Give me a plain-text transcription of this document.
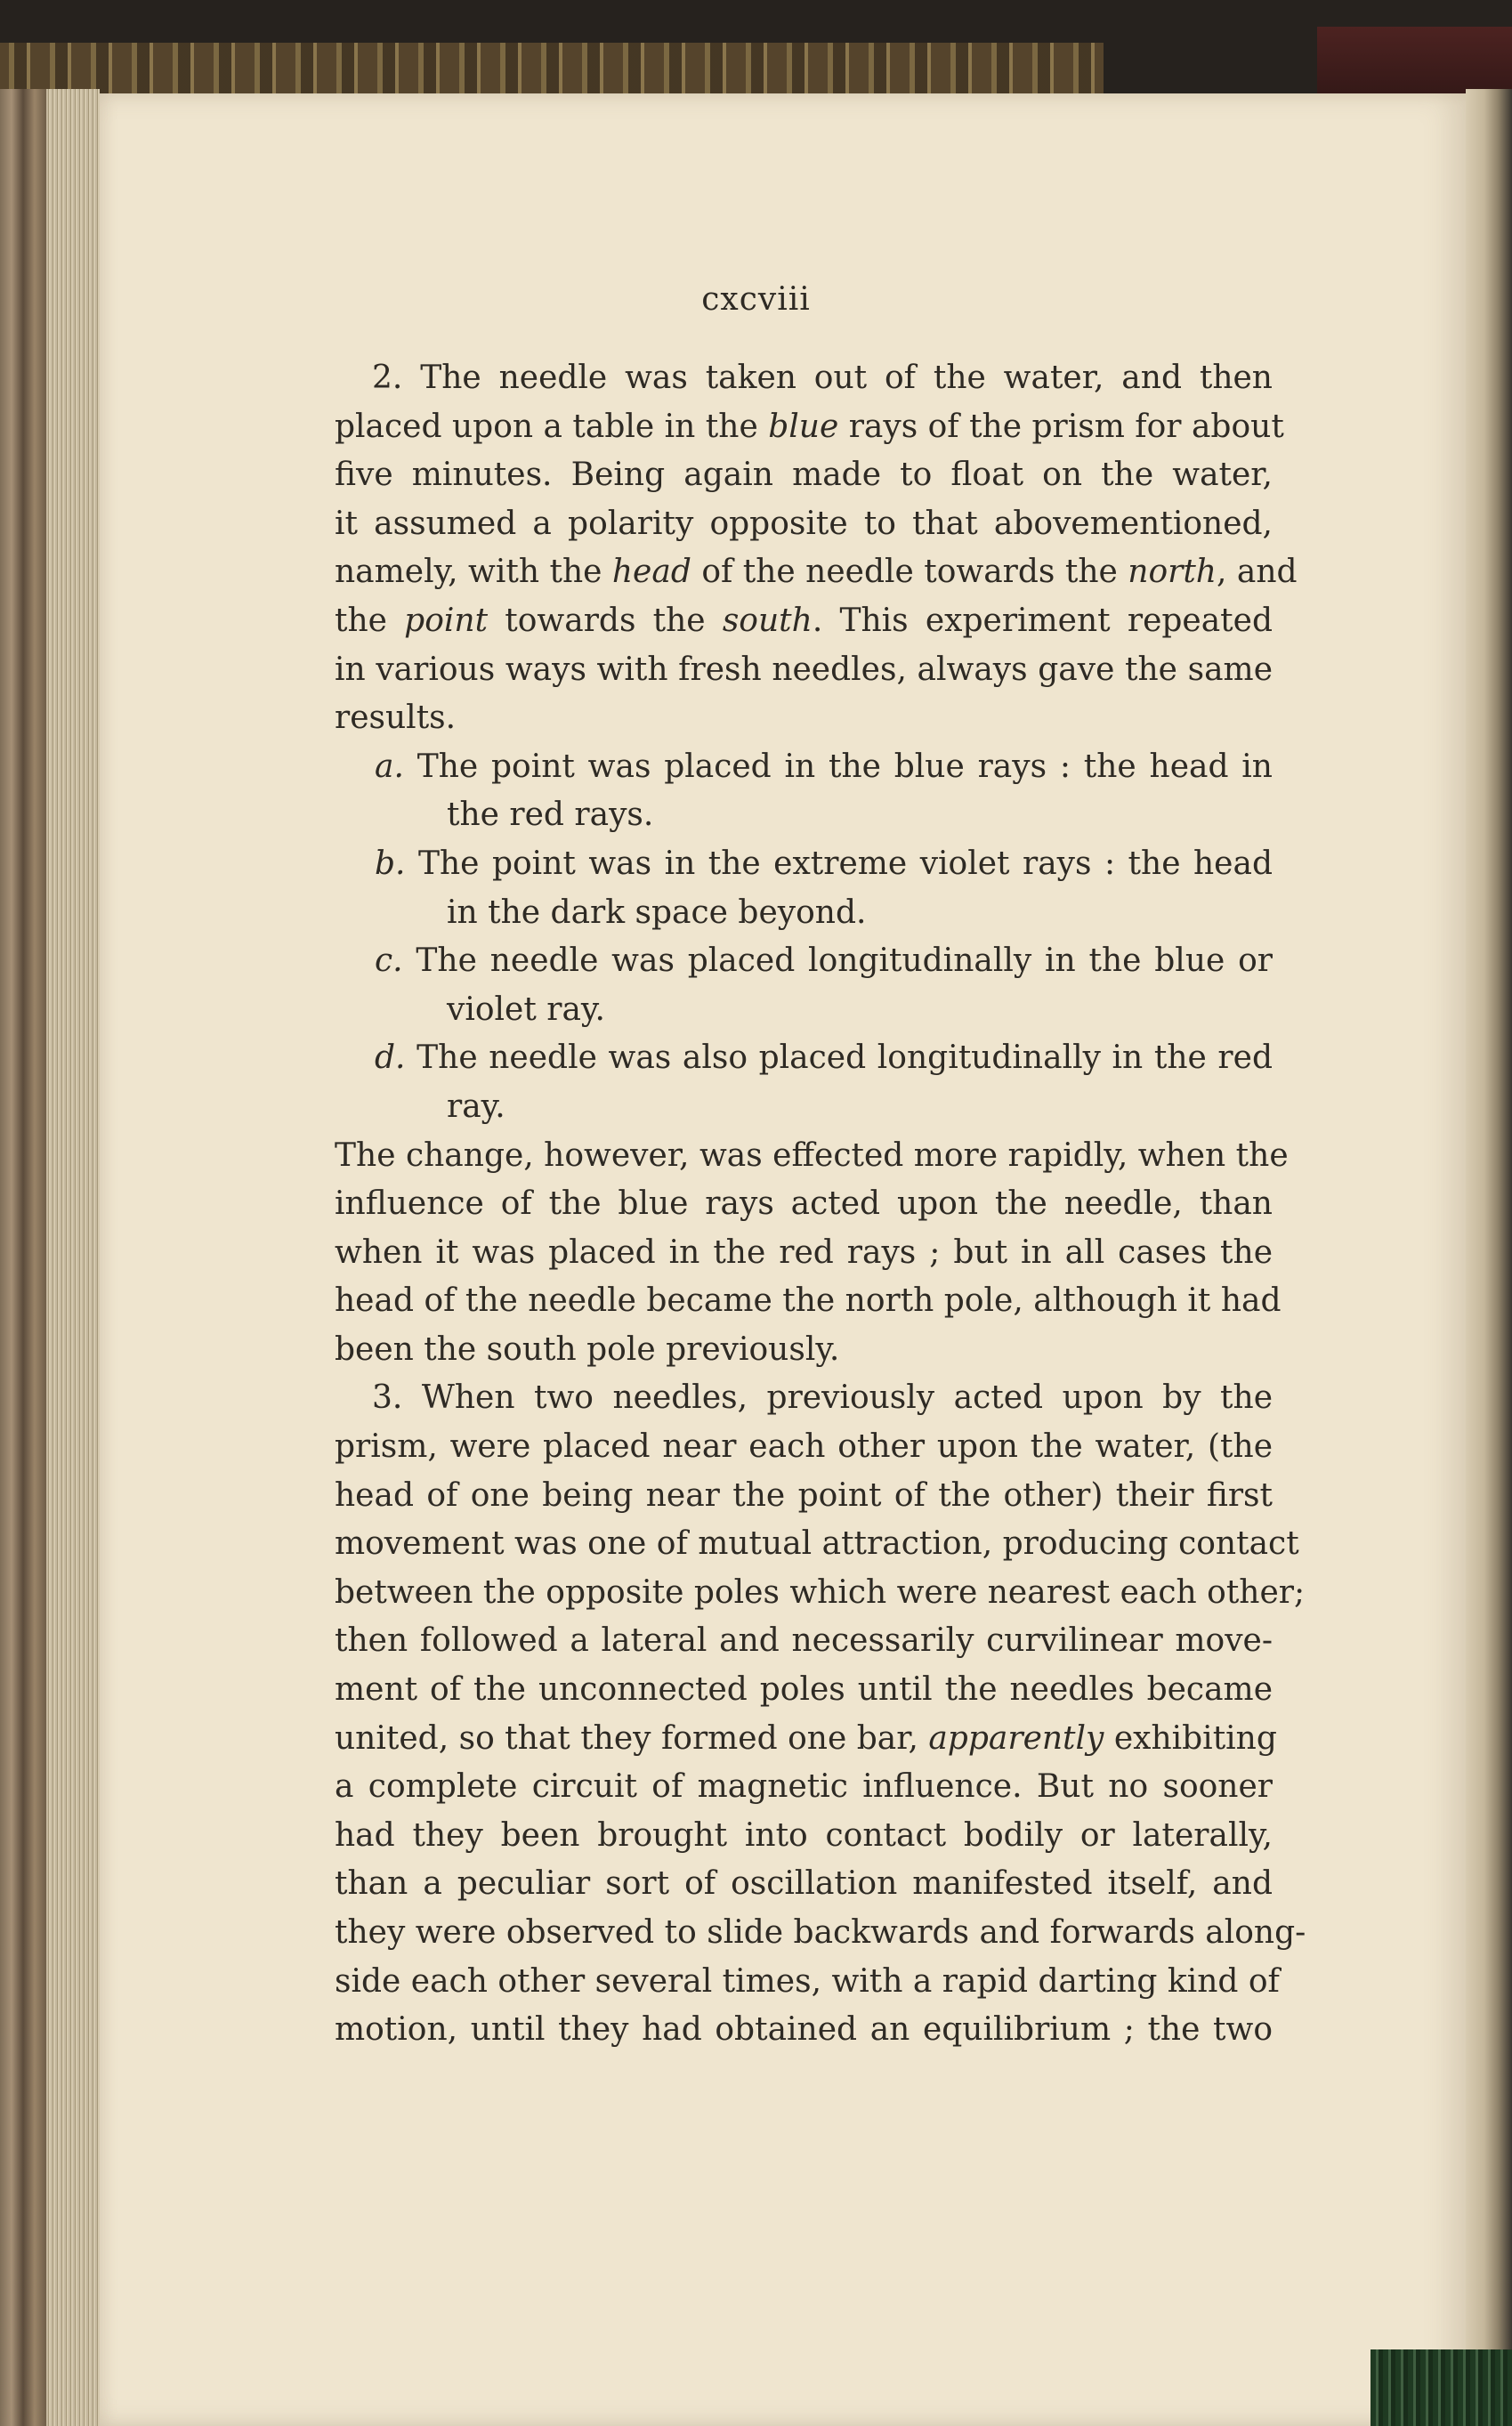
cxcviii
2. The needle was taken out of the water, and then
placed upon a table in the blue rays of the prism for about
five minutes. Being again made to float on the water,
it assumed a polarity opposite to that abovementioned,
namely, with the head of the needle towards the north, and
the point towards the south. This experiment repeated
in various ways with fresh needles, always gave the same
results.
a. The point was placed in the blue rays : the head in
the red rays.
b. The point was in the extreme violet rays : the head
in the dark space beyond.
c. The needle was placed longitudinally in the blue or
violet ray.
d. The needle was also placed longitudinally in the red
ray.
The change, however, was effected more rapidly, when the
influence of the blue rays acted upon the needle, than
when it was placed in the red rays ; but in all cases the
head of the needle became the north pole, although it had
been the south pole previously.
3. When two needles, previously acted upon by the
prism, were placed near each other upon the water, (the
head of one being near the point of the other) their first
movement was one of mutual attraction, producing contact
between the opposite poles which were nearest each other;
then followed a lateral and necessarily curvilinear move-
ment of the unconnected poles until the needles became
united, so that they formed one bar, apparently exhibiting
a complete circuit of magnetic influence. But no sooner
had they been brought into contact bodily or laterally,
than a peculiar sort of oscillation manifested itself, and
they were observed to slide backwards and forwards along-
side each other several times, with a rapid darting kind of
motion, until they had obtained an equilibrium ; the two
